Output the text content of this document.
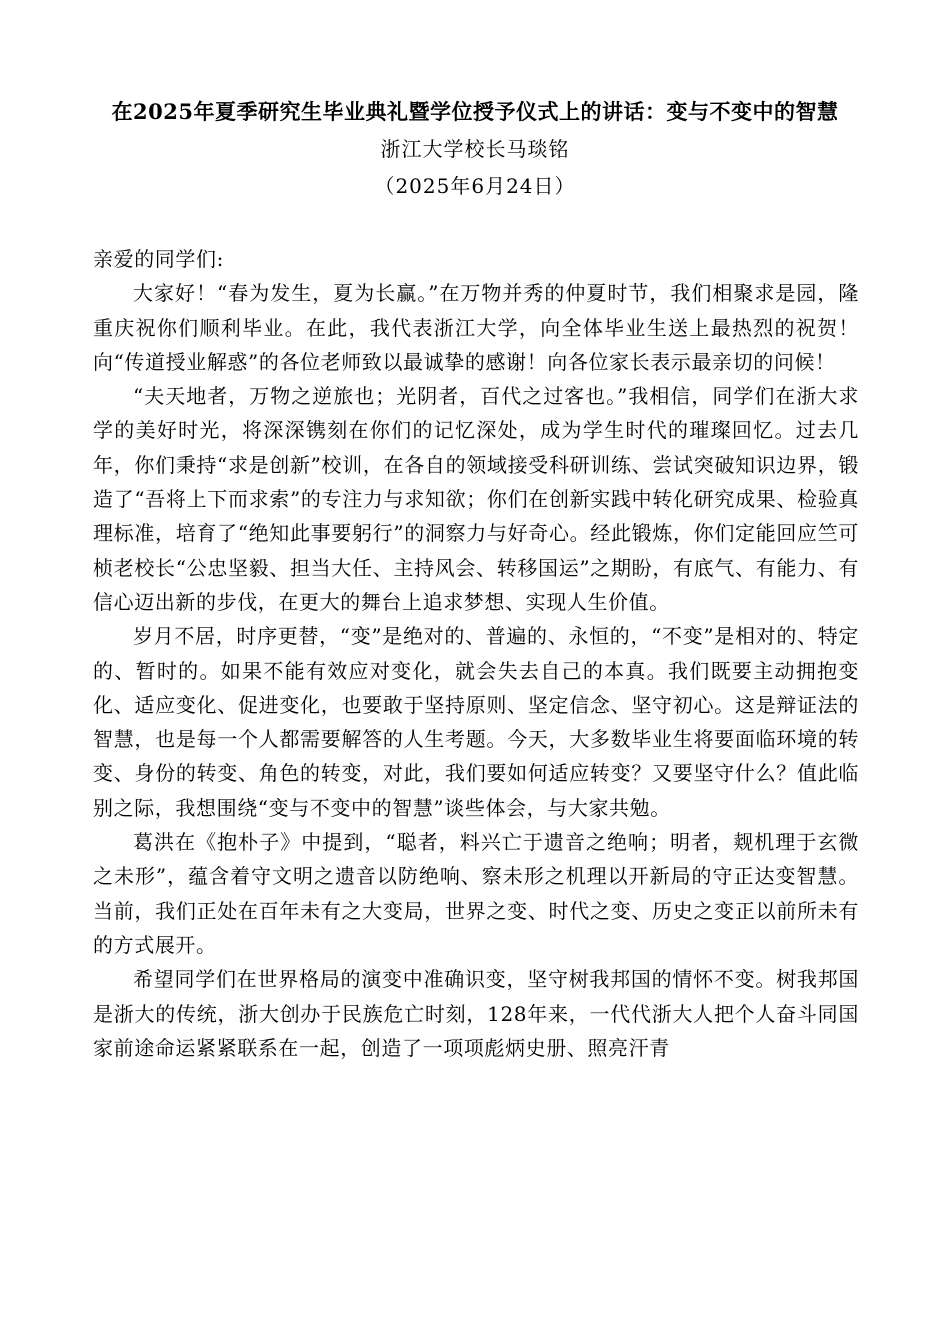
在2025年夏季研究生毕业典礼暨学位授予仪式上的讲话：变与不变中的智慧
浙江大学校长马琰铭
（2025年6月24日）

亲爱的同学们:

大家好！“春为发生，夏为长赢。”在万物并秀的仲夏时节，我们相聚求是园，隆重庆祝你们顺利毕业。在此，我代表浙江大学，向全体毕业生送上最热烈的祝贺！向“传道授业解惑”的各位老师致以最诚挚的感谢！向各位家长表示最亲切的问候！

“夫天地者，万物之逆旅也；光阴者，百代之过客也。”我相信，同学们在浙大求学的美好时光，将深深镌刻在你们的记忆深处，成为学生时代的璀璨回忆。过去几年，你们秉持“求是创新”校训，在各自的领域接受科研训练、尝试突破知识边界，锻造了“吾将上下而求索”的专注力与求知欲；你们在创新实践中转化研究成果、检验真理标准，培育了“绝知此事要躬行”的洞察力与好奇心。经此锻炼，你们定能回应竺可桢老校长“公忠坚毅、担当大任、主持风会、转移国运”之期盼，有底气、有能力、有信心迈出新的步伐，在更大的舞台上追求梦想、实现人生价值。

岁月不居，时序更替，“变”是绝对的、普遍的、永恒的，“不变”是相对的、特定的、暂时的。如果不能有效应对变化，就会失去自己的本真。我们既要主动拥抱变化、适应变化、促进变化，也要敢于坚持原则、坚定信念、坚守初心。这是辩证法的智慧，也是每一个人都需要解答的人生考题。今天，大多数毕业生将要面临环境的转变、身份的转变、角色的转变，对此，我们要如何适应转变？又要坚守什么？值此临别之际，我想围绕“变与不变中的智慧”谈些体会，与大家共勉。

葛洪在《抱朴子》中提到，“聪者，料兴亡于遗音之绝响；明者，觌机理于玄微之未形”，蕴含着守文明之遗音以防绝响、察未形之机理以开新局的守正达变智慧。当前，我们正处在百年未有之大变局，世界之变、时代之变、历史之变正以前所未有的方式展开。

希望同学们在世界格局的演变中准确识变，坚守树我邦国的情怀不变。树我邦国是浙大的传统，浙大创办于民族危亡时刻，128年来，一代代浙大人把个人奋斗同国家前途命运紧紧联系在一起，创造了一项项彪炳史册、照亮汗青
